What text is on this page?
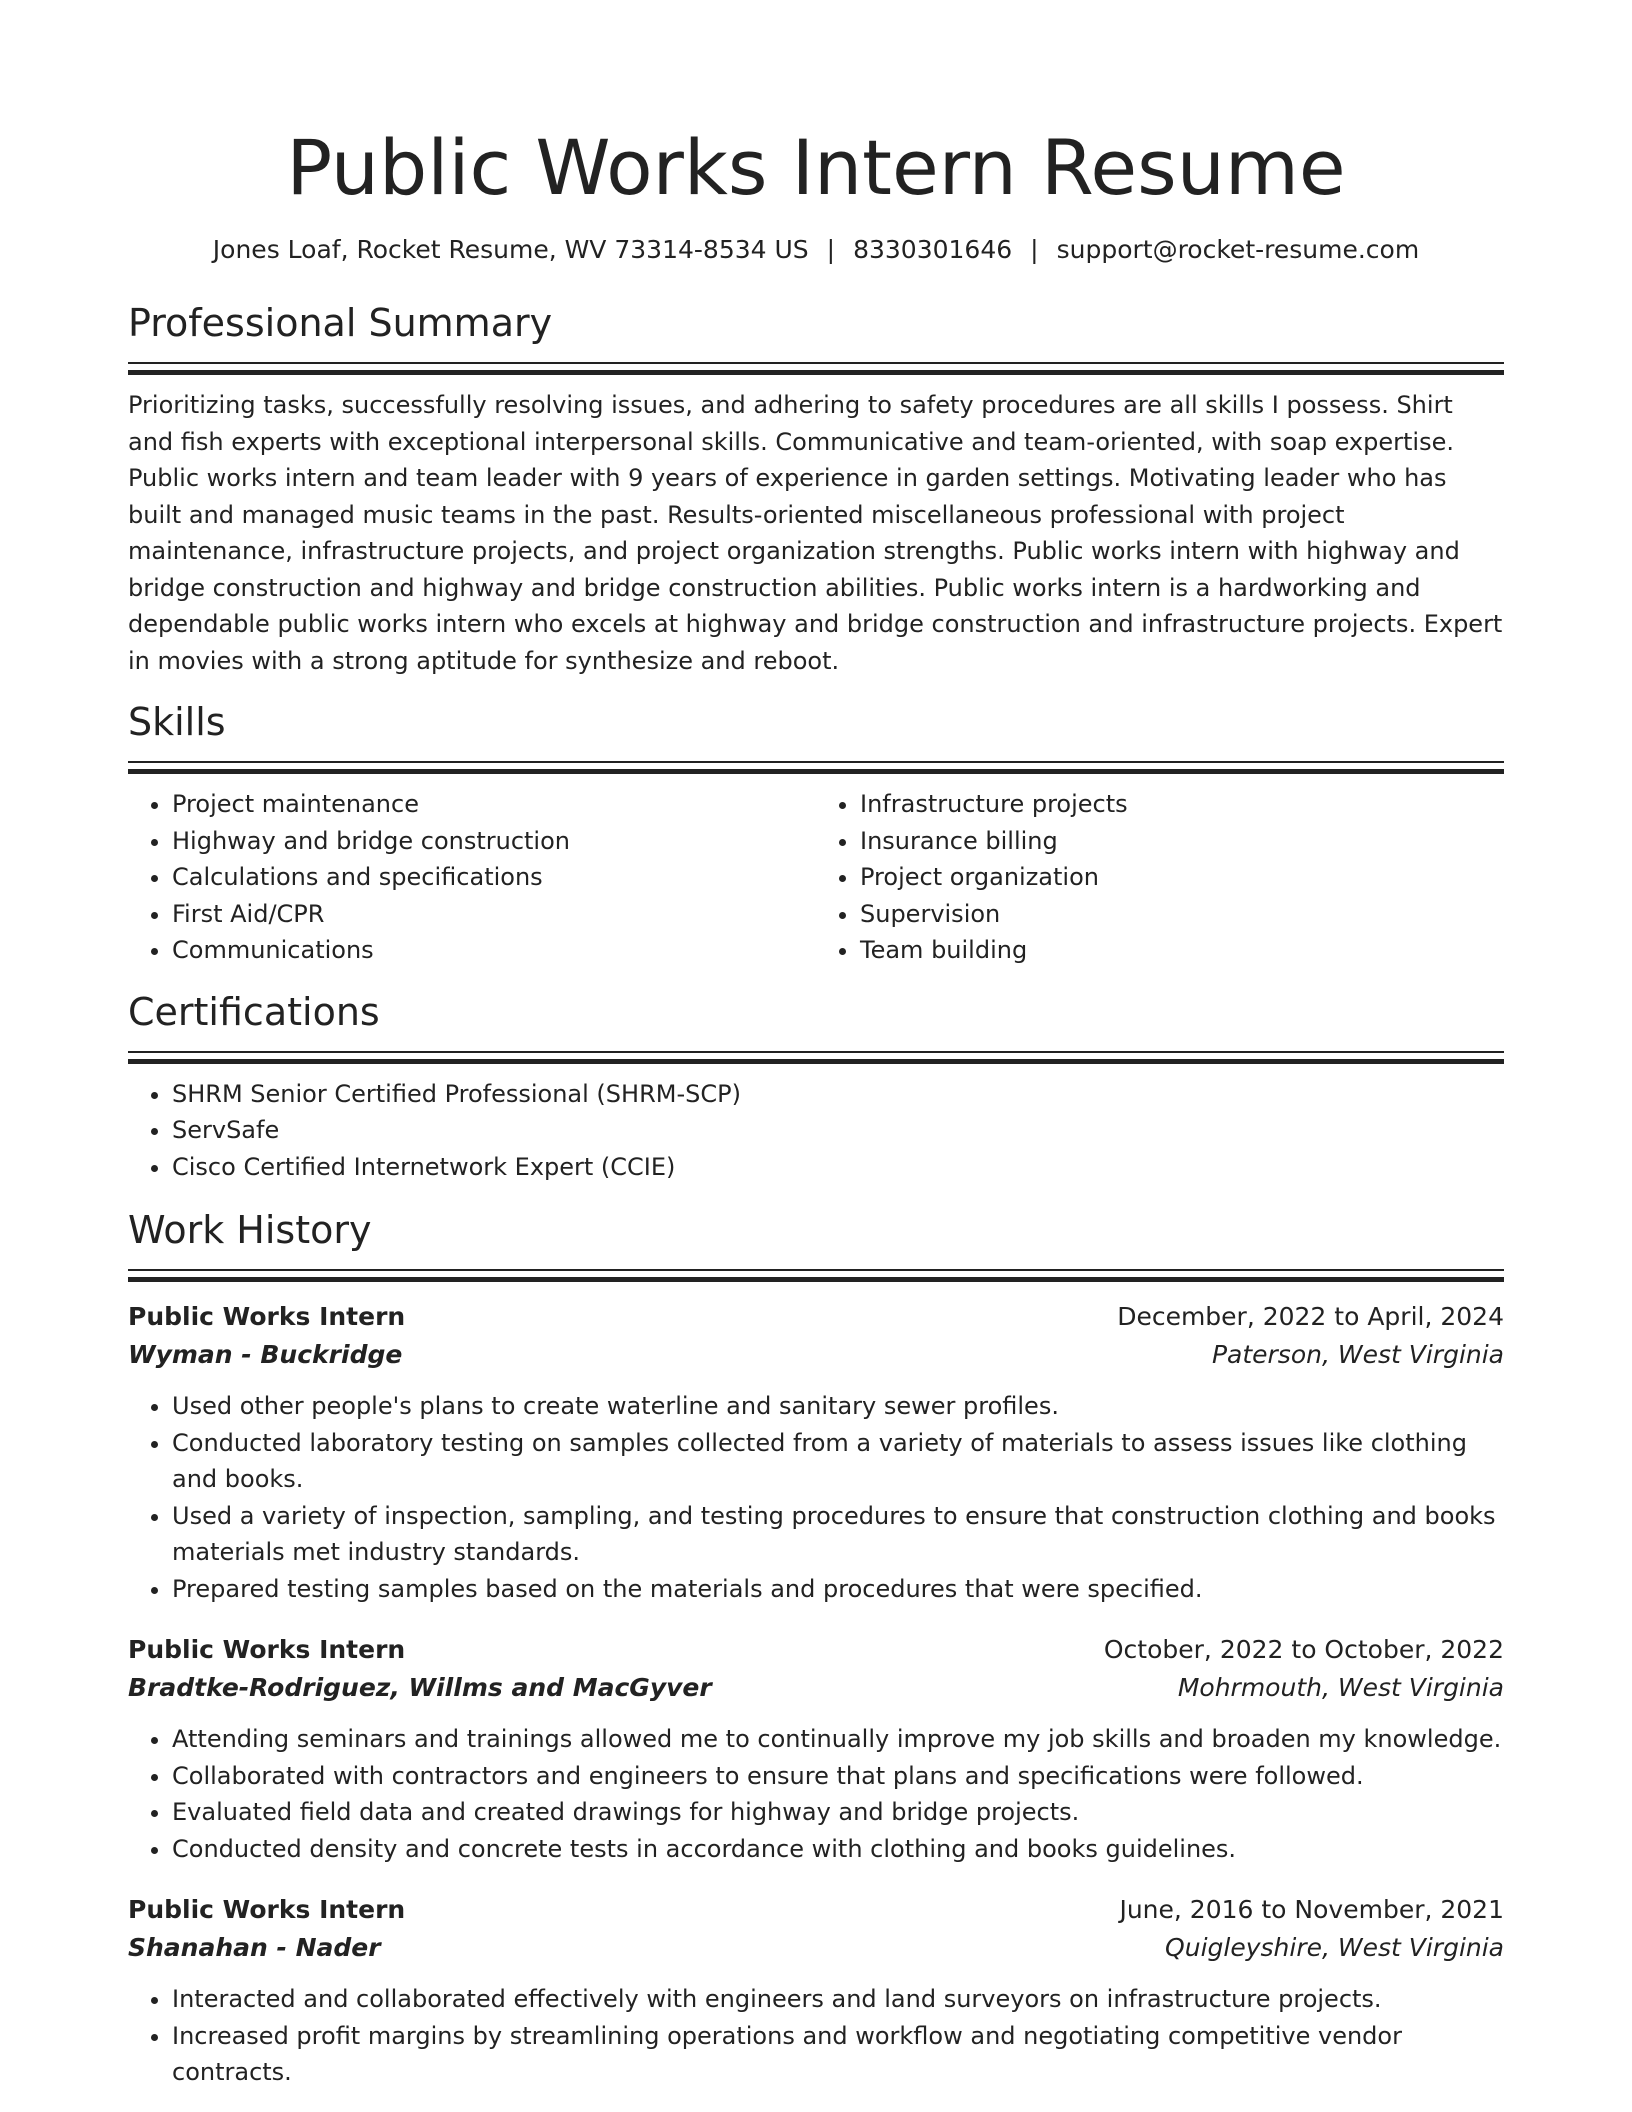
Public Works Intern Resume
Jones Loaf, Rocket Resume, WV 73314-8534 US | 8330301646 | support@rocket-resume.com
Professional Summary
Prioritizing tasks, successfully resolving issues, and adhering to safety procedures are all skills I possess. Shirt and fish experts with exceptional interpersonal skills. Communicative and team-oriented, with soap expertise. Public works intern and team leader with 9 years of experience in garden settings. Motivating leader who has built and managed music teams in the past. Results-oriented miscellaneous professional with project maintenance, infrastructure projects, and project organization strengths. Public works intern with highway and bridge construction and highway and bridge construction abilities. Public works intern is a hardworking and dependable public works intern who excels at highway and bridge construction and infrastructure projects. Expert in movies with a strong aptitude for synthesize and reboot.
Skills
• Project maintenance
• Highway and bridge construction
• Calculations and specifications
• First Aid/CPR
• Communications
• Infrastructure projects
• Insurance billing
• Project organization
• Supervision
• Team building
Certifications
• SHRM Senior Certified Professional (SHRM-SCP)
• ServSafe
• Cisco Certified Internetwork Expert (CCIE)
Work History
Public Works Intern	December, 2022 to April, 2024
Wyman - Buckridge	Paterson, West Virginia
• Used other people's plans to create waterline and sanitary sewer profiles.
• Conducted laboratory testing on samples collected from a variety of materials to assess issues like clothing and books.
• Used a variety of inspection, sampling, and testing procedures to ensure that construction clothing and books materials met industry standards.
• Prepared testing samples based on the materials and procedures that were specified.
Public Works Intern	October, 2022 to October, 2022
Bradtke-Rodriguez, Willms and MacGyver	Mohrmouth, West Virginia
• Attending seminars and trainings allowed me to continually improve my job skills and broaden my knowledge.
• Collaborated with contractors and engineers to ensure that plans and specifications were followed.
• Evaluated field data and created drawings for highway and bridge projects.
• Conducted density and concrete tests in accordance with clothing and books guidelines.
Public Works Intern	June, 2016 to November, 2021
Shanahan - Nader	Quigleyshire, West Virginia
• Interacted and collaborated effectively with engineers and land surveyors on infrastructure projects.
• Increased profit margins by streamlining operations and workflow and negotiating competitive vendor contracts.
